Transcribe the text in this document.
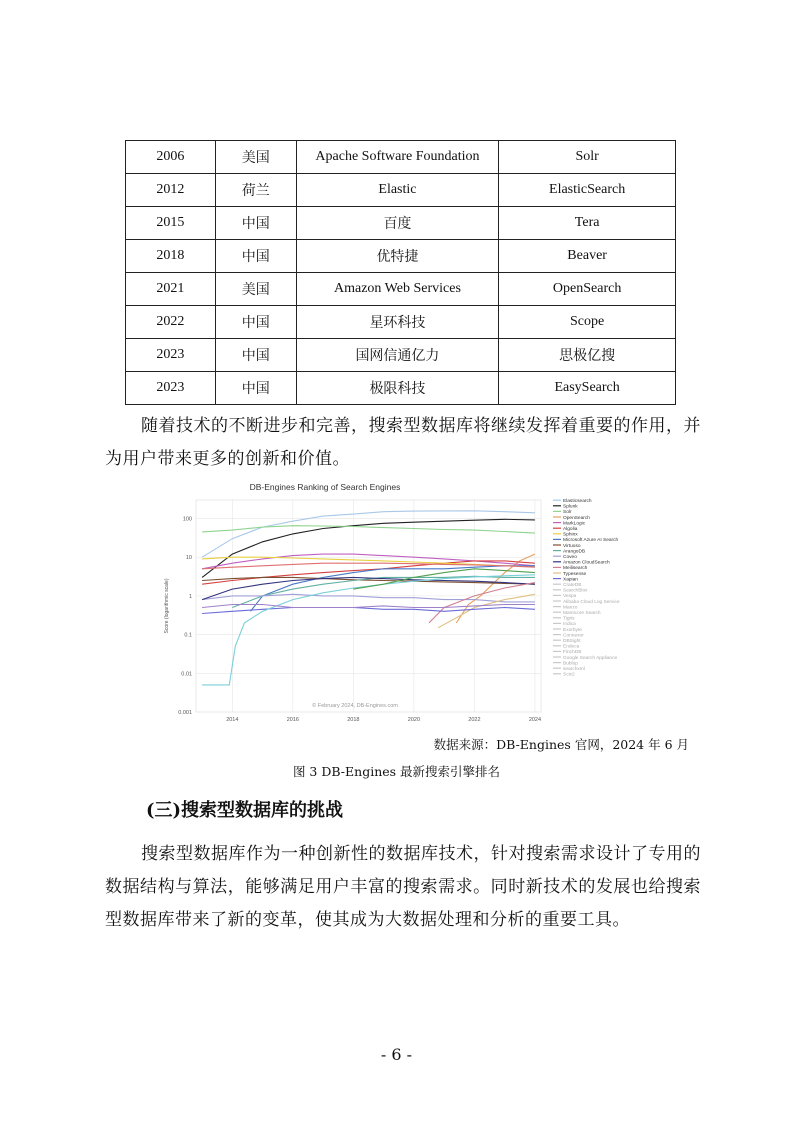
2006	美国	Apache Software Foundation	Solr
2012	荷兰	Elastic	ElasticSearch
2015	中国	百度	Tera
2018	中国	优特捷	Beaver
2021	美国	Amazon Web Services	OpenSearch
2022	中国	星环科技	Scope
2023	中国	国网信通亿力	思极亿搜
2023	中国	极限科技	EasySearch

随着技术的不断进步和完善，搜索型数据库将继续发挥着重要的作用，并为用户带来更多的创新和价值。

DB-Engines Ranking of Search Engines
0.001
0.01
0.1
1
10
100
2014	2016	2018	2020	2022	2024
© February 2024, DB-Engines.com
Score (logarithmic scale)
Elasticsearch
Splunk
Solr
OpenSearch
MarkLogic
Algolia
Sphinx
Microsoft Azure AI Search
Virtuoso
ArangoDB
Coveo
Amazon CloudSearch
Meilisearch
Typesense
Xapian
CrateDB
SearchBlox
Vespa
Alibaba Cloud Log Service
Manzo
Manticore Search
Tigris
Indica
Exorbyte
Connexor
DBSight
Endeca
FinchDB
Google Search Appliance
Bublup
searchxml
Sciz2
数据来源：DB-Engines 官网，2024 年 6 月
图 3 DB-Engines 最新搜索引擎排名
(三)搜索型数据库的挑战

搜索型数据库作为一种创新性的数据库技术，针对搜索需求设计了专用的数据结构与算法，能够满足用户丰富的搜索需求。同时新技术的发展也给搜索型数据库带来了新的变革，使其成为大数据处理和分析的重要工具。

- 6 -
